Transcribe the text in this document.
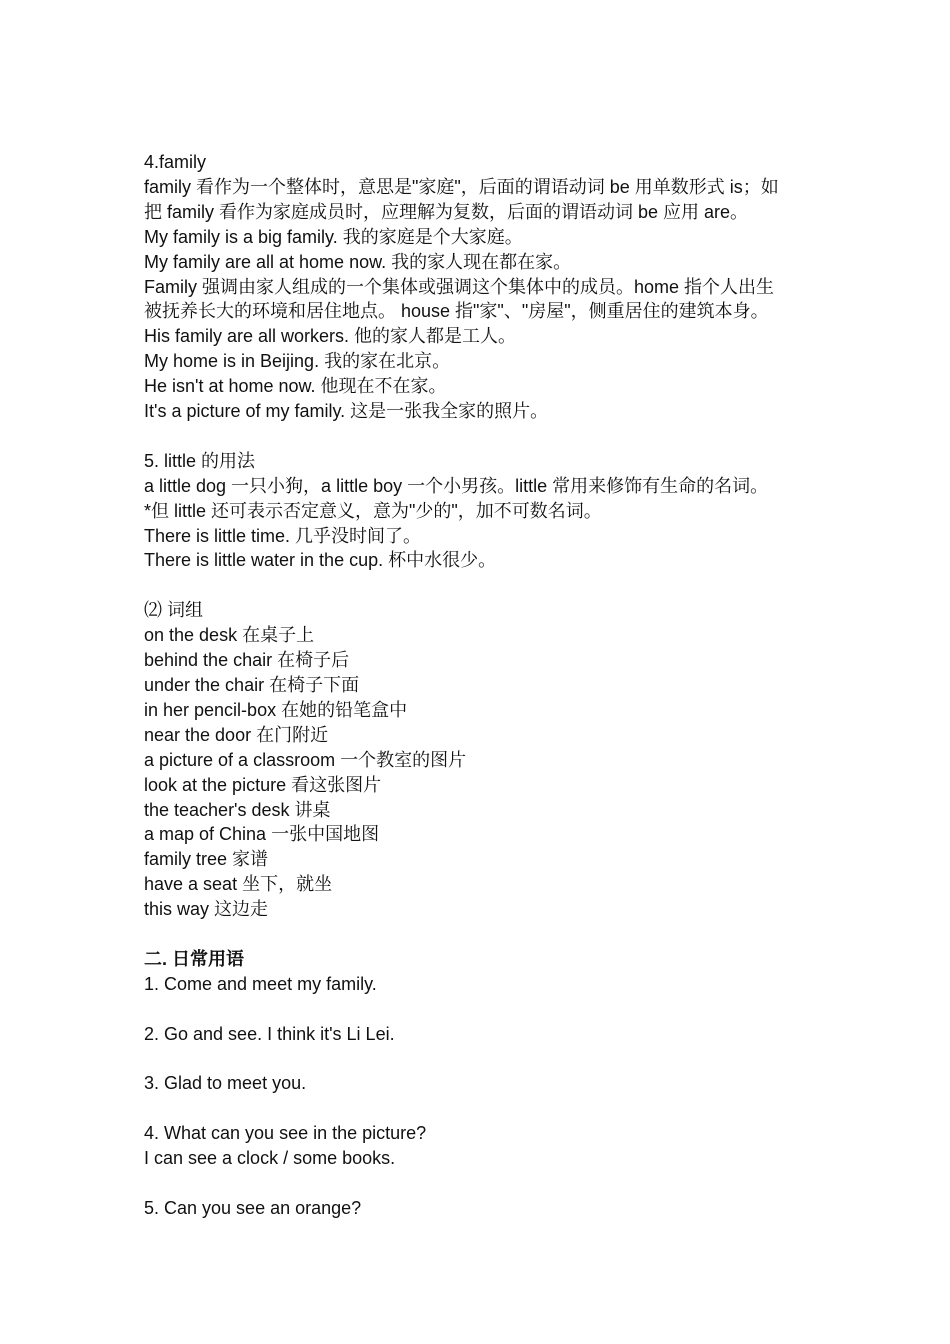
4.family
family 看作为一个整体时，意思是"家庭"，后面的谓语动词 be 用单数形式 is；如
把 family 看作为家庭成员时，应理解为复数，后面的谓语动词 be 应用 are。
My family is a big family. 我的家庭是个大家庭。
My family are all at home now. 我的家人现在都在家。
Family 强调由家人组成的一个集体或强调这个集体中的成员。home 指个人出生
被抚养长大的环境和居住地点。 house 指"家"、"房屋"，侧重居住的建筑本身。
His family are all workers. 他的家人都是工人。
My home is in Beijing. 我的家在北京。
He isn't at home now. 他现在不在家。
It's a picture of my family. 这是一张我全家的照片。
5. little 的用法
a little dog 一只小狗，a little boy 一个小男孩。little 常用来修饰有生命的名词。
*但 little 还可表示否定意义，意为"少的"，加不可数名词。
There is little time. 几乎没时间了。
There is little water in the cup. 杯中水很少。
⑵ 词组
on the desk 在桌子上
behind the chair 在椅子后
under the chair 在椅子下面
in her pencil-box 在她的铅笔盒中
near the door 在门附近
a picture of a classroom 一个教室的图片
look at the picture 看这张图片
the teacher's desk 讲桌
a map of China 一张中国地图
family tree 家谱
have a seat 坐下，就坐
this way 这边走
二. 日常用语
1. Come and meet my family.
2. Go and see. I think it's Li Lei.
3. Glad to meet you.
4. What can you see in the picture?
I can see a clock / some books.
5. Can you see an orange?
